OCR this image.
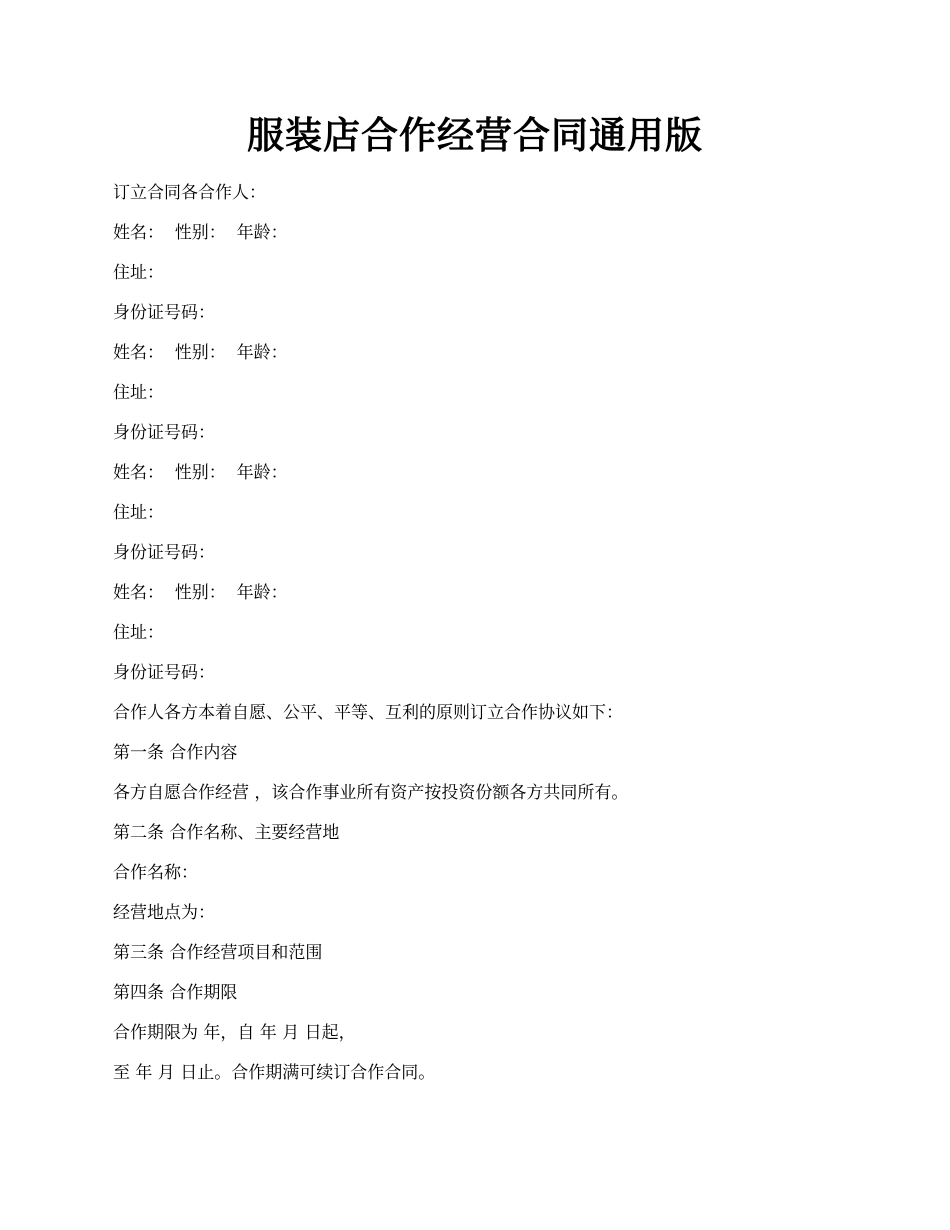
服装店合作经营合同通用版
订立合同各合作人：
姓名：  性别：  年龄：
住址：
身份证号码：
姓名：  性别：  年龄：
住址：
身份证号码：
姓名：  性别：  年龄：
住址：
身份证号码：
姓名：  性别：  年龄：
住址：
身份证号码：
合作人各方本着自愿、公平、平等、互利的原则订立合作协议如下：
第一条 合作内容
各方自愿合作经营 ，该合作事业所有资产按投资份额各方共同所有。
第二条 合作名称、主要经营地
合作名称：
经营地点为：
第三条 合作经营项目和范围
第四条 合作期限
合作期限为 年，自 年 月 日起，
至 年 月 日止。合作期满可续订合作合同。
